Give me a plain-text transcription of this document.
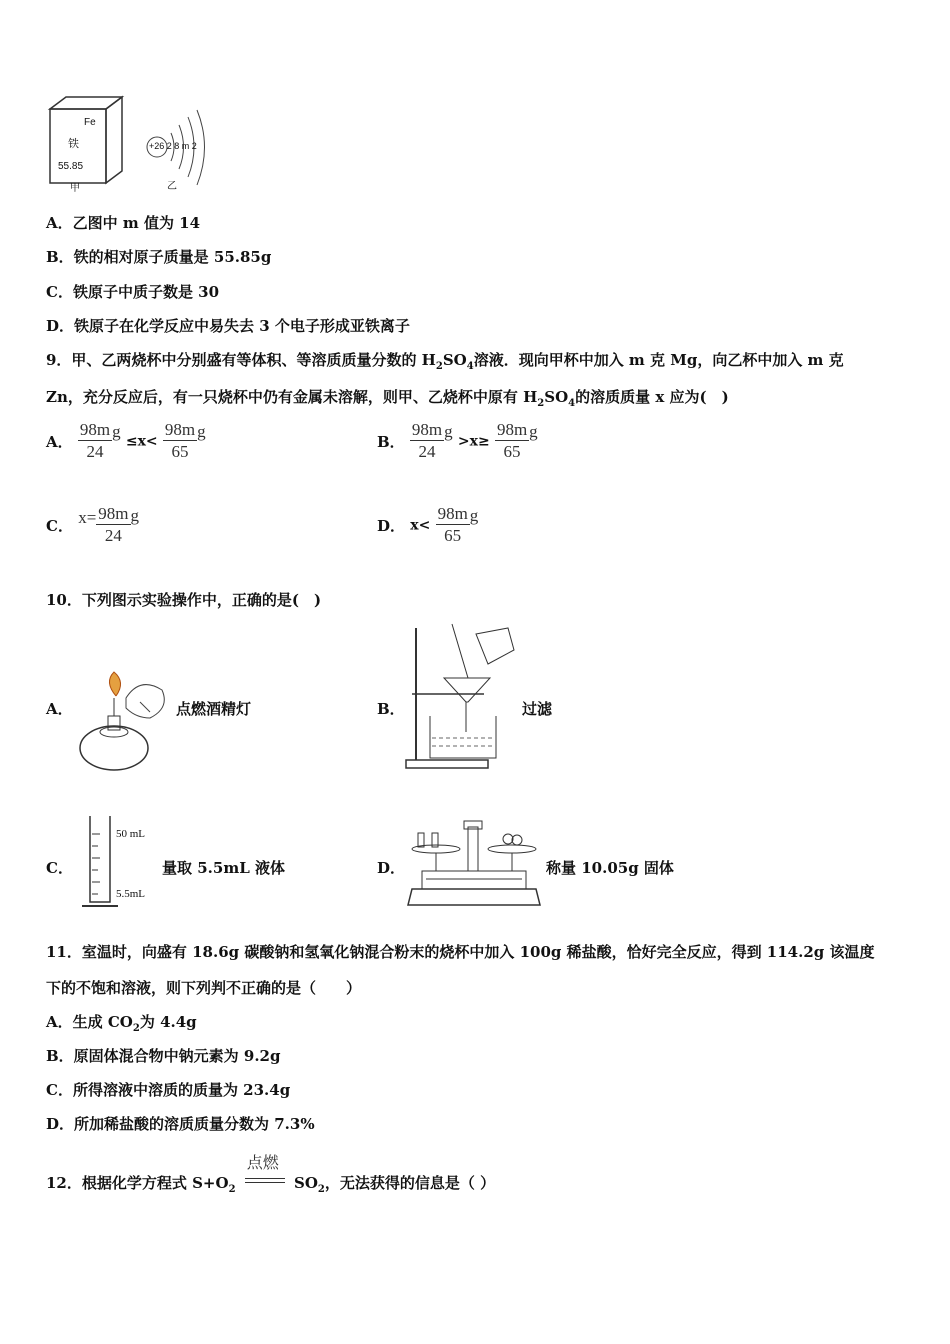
Fe
铁
55.85
甲
+26 2 8 m 2
乙
A．乙图中 m 值为 14
B．铁的相对原子质量是 55.85g
C．铁原子中质子数是 30
D．铁原子在化学反应中易失去 3 个电子形成亚铁离子
9．甲、乙两烧杯中分别盛有等体积、等溶质质量分数的 $H_2SO_4$溶液．现向甲杯中加入 m 克 Mg，向乙杯中加入 m 克
Zn，充分反应后，有一只烧杯中仍有金属未溶解，则甲、乙烧杯中原有 $H_2SO_4$的溶质质量 x 应为(　)
A． $\frac{98m}{24}$ $g \le x< \frac{98m}{65}$ g
B． $\frac{98m}{24}$ $g >x\ge \frac{98m}{65}$ g
C． $x= \frac{98m}{24}$ g
D． $x< \frac{98m}{65}$ g
10．下列图示实验操作中，正确的是(　)
A．	点燃酒精灯	B．	过滤
C．
50 mL
5.5mL
量取 5.5mL 液体	D．	称量 10.05g 固体
11．室温时，向盛有 18.6g 碳酸钠和氢氧化钠混合粉末的烧杯中加入 100g 稀盐酸，恰好完全反应，得到 114.2g 该温度
下的不饱和溶液，则下列判不正确的是（　　）
A．生成 $CO_2$为 4.4g
B．原固体混合物中钠元素为 9.2g
C．所得溶液中溶质的质量为 23.4g
D．所加稀盐酸的溶质质量分数为 7.3%
12．根据化学方程式 $S+O_2$
点燃
$SO_2$，无法获得的信息是（ ）
